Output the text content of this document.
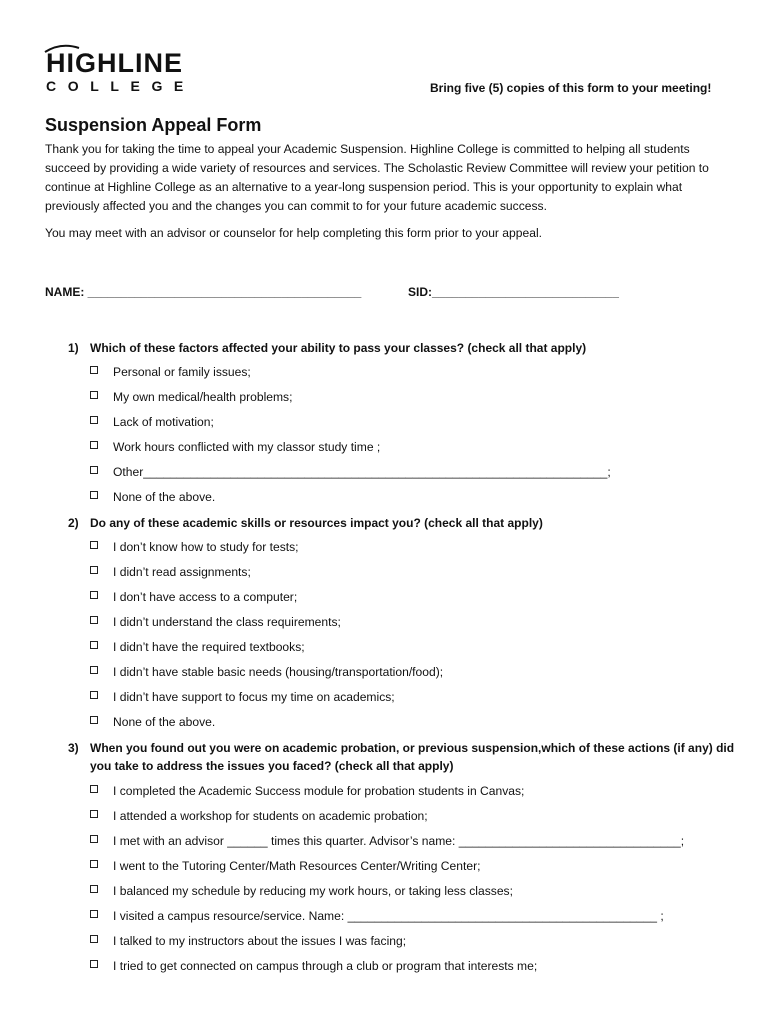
HIGHLINE
COLLEGE	Bring five (5) copies of this form to your meeting!
Suspension Appeal Form

Thank you for taking the time to appeal your Academic Suspension. Highline College is committed to helping all students succeed by providing a wide variety of resources and services. The Scholastic Review Committee will review your petition to continue at Highline College as an alternative to a year-long suspension period. This is your opportunity to explain what previously affected you and the changes you can commit to for your future academic success.

You may meet with an advisor or counselor for help completing this form prior to your appeal.
NAME: _________________________________________	SID:____________________________
1) Which of these factors affected your ability to pass your classes? (check all that apply)
Personal or family issues;
My own medical/health problems;
Lack of motivation;
Work hours conflicted with my classor study time ;
Other_____________________________________________________________________;
None of the above.
2) Do any of these academic skills or resources impact you? (check all that apply)
I don’t know how to study for tests;
I didn’t read assignments;
I don’t have access to a computer;
I didn’t understand the class requirements;
I didn’t have the required textbooks;
I didn’t have stable basic needs (housing/transportation/food);
I didn’t have support to focus my time on academics;
None of the above.
3) When you found out you were on academic probation, or previous suspension,which of these actions (if any) did you take to address the issues you faced? (check all that apply)
I completed the Academic Success module for probation students in Canvas;
I attended a workshop for students on academic probation;
I met with an advisor ______ times this quarter. Advisor’s name: _________________________________;
I went to the Tutoring Center/Math Resources Center/Writing Center;
I balanced my schedule by reducing my work hours, or taking less classes;
I visited a campus resource/service. Name: ______________________________________________ ;
I talked to my instructors about the issues I was facing;
I tried to get connected on campus through a club or program that interests me;
